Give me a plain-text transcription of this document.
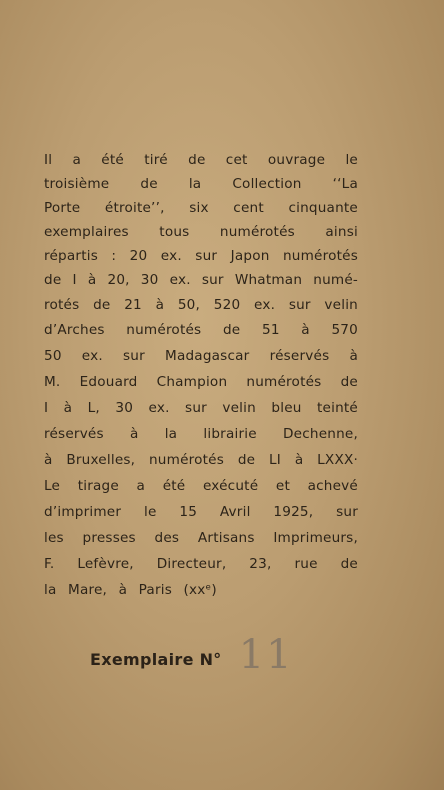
Il a été tiré de cet ouvrage le
troisième de la Collection ‘‘La
Porte étroite’’, six cent cinquante
exemplaires tous numérotés ainsi
répartis : 20 ex. sur Japon numérotés
de I à 20, 30 ex. sur Whatman numé-
rotés de 21 à 50, 520 ex. sur velin
d’Arches numérotés de 51 à 570
50 ex. sur Madagascar réservés à
M. Edouard Champion numérotés de
I à L, 30 ex. sur velin bleu teinté
réservés à la librairie Dechenne,
à Bruxelles, numérotés de LI à LXXX·
Le tirage a été exécuté et achevé
d’imprimer le 15 Avril 1925, sur
les presses des Artisans Imprimeurs,
F. Lefèvre, Directeur, 23, rue de
la Mare, à Paris (xxᵉ)
Exemplaire N° 11
